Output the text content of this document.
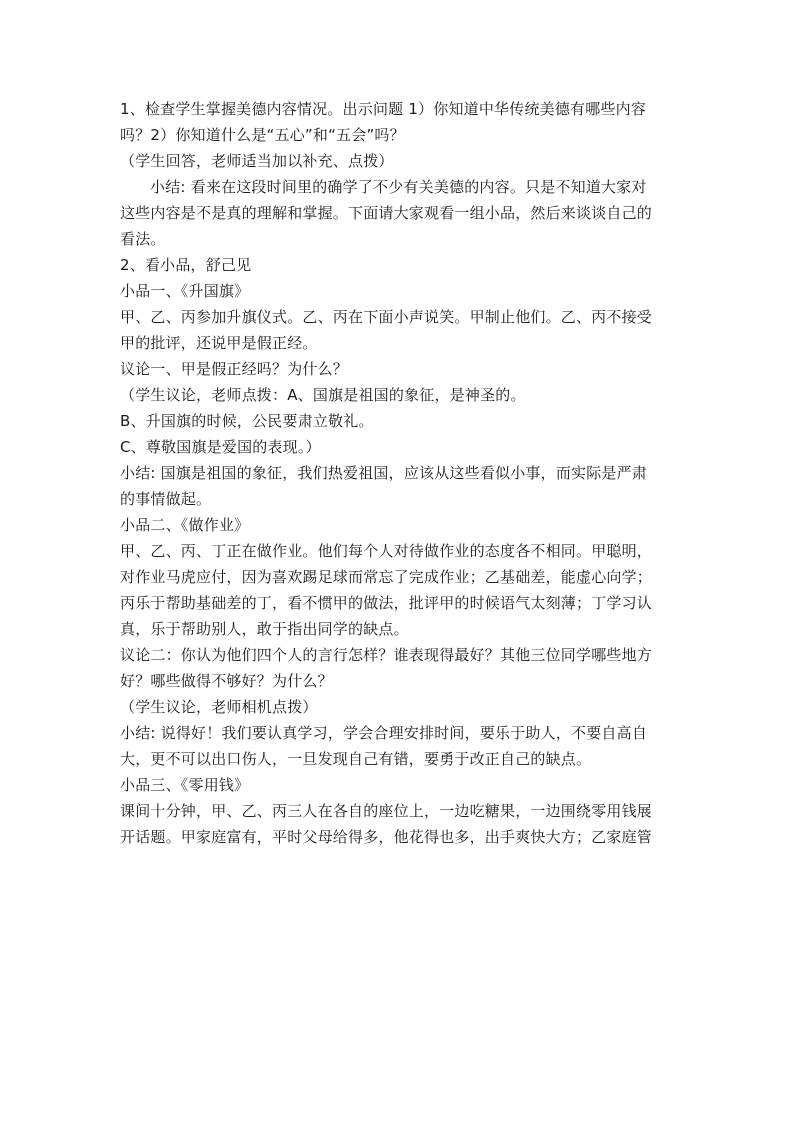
1、检查学生掌握美德内容情况。出示问题 1）你知道中华传统美德有哪些内容
吗？2）你知道什么是“五心”和“五会”吗？
（学生回答，老师适当加以补充、点拨）
小结: 看来在这段时间里的确学了不少有关美德的内容。只是不知道大家对
这些内容是不是真的理解和掌握。下面请大家观看一组小品，然后来谈谈自己的
看法。
2、看小品，舒己见
小品一、《升国旗》
甲、乙、丙参加升旗仪式。乙、丙在下面小声说笑。甲制止他们。乙、丙不接受
甲的批评，还说甲是假正经。
议论一、甲是假正经吗？为什么？
（学生议论，老师点拨：A、国旗是祖国的象征，是神圣的。
B、升国旗的时候，公民要肃立敬礼。
C、尊敬国旗是爱国的表现。）
小结: 国旗是祖国的象征，我们热爱祖国，应该从这些看似小事，而实际是严肃
的事情做起。
小品二、《做作业》
甲、乙、丙、丁正在做作业。他们每个人对待做作业的态度各不相同。甲聪明，
对作业马虎应付，因为喜欢踢足球而常忘了完成作业；乙基础差，能虚心向学；
丙乐于帮助基础差的丁，看不惯甲的做法，批评甲的时候语气太刻薄；丁学习认
真，乐于帮助别人，敢于指出同学的缺点。
议论二：你认为他们四个人的言行怎样？谁表现得最好？其他三位同学哪些地方
好？哪些做得不够好？为什么？
（学生议论，老师相机点拨）
小结: 说得好！我们要认真学习，学会合理安排时间，要乐于助人，不要自高自
大，更不可以出口伤人，一旦发现自己有错，要勇于改正自己的缺点。
小品三、《零用钱》
课间十分钟，甲、乙、丙三人在各自的座位上，一边吃糖果，一边围绕零用钱展
开话题。甲家庭富有，平时父母给得多，他花得也多，出手爽快大方；乙家庭管
